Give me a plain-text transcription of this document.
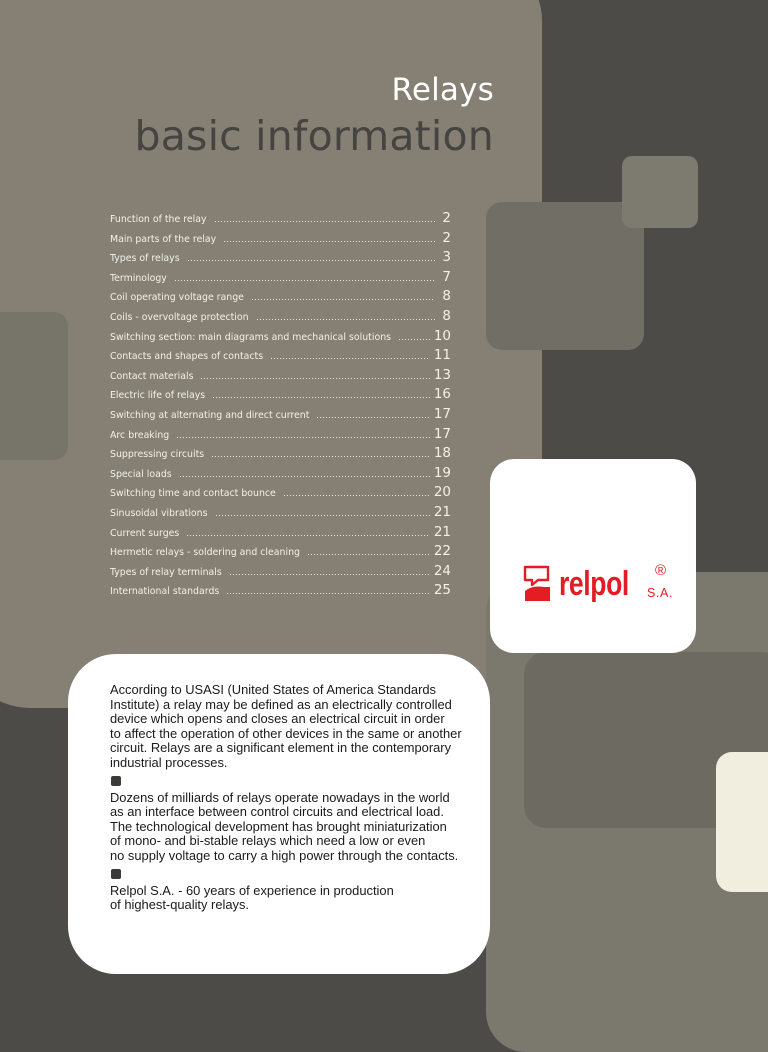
Relays
basic information
Function of the relay	2
Main parts of the relay	2
Types of relays	3
Terminology	7
Coil operating voltage range	8
Coils - overvoltage protection	8
Switching section: main diagrams and mechanical solutions	10
Contacts and shapes of contacts	11
Contact materials	13
Electric life of relays	16
Switching at alternating and direct current	17
Arc breaking	17
Suppressing circuits	18
Special loads	19
Switching time and contact bounce	20
Sinusoidal vibrations	21
Current surges	21
Hermetic relays - soldering and cleaning	22
Types of relay terminals	24
International standards	25	relpol ®
S.A.

According to USASI (United States of America Standards
Institute) a relay may be defined as an electrically controlled
device which opens and closes an electrical circuit in order
to affect the operation of other devices in the same or another
circuit. Relays are a significant element in the contemporary
industrial processes.

Dozens of milliards of relays operate nowadays in the world
as an interface between control circuits and electrical load.
The technological development has brought miniaturization
of mono- and bi-stable relays which need a low or even
no supply voltage to carry a high power through the contacts.

Relpol S.A. - 60 years of experience in production
of highest-quality relays.
